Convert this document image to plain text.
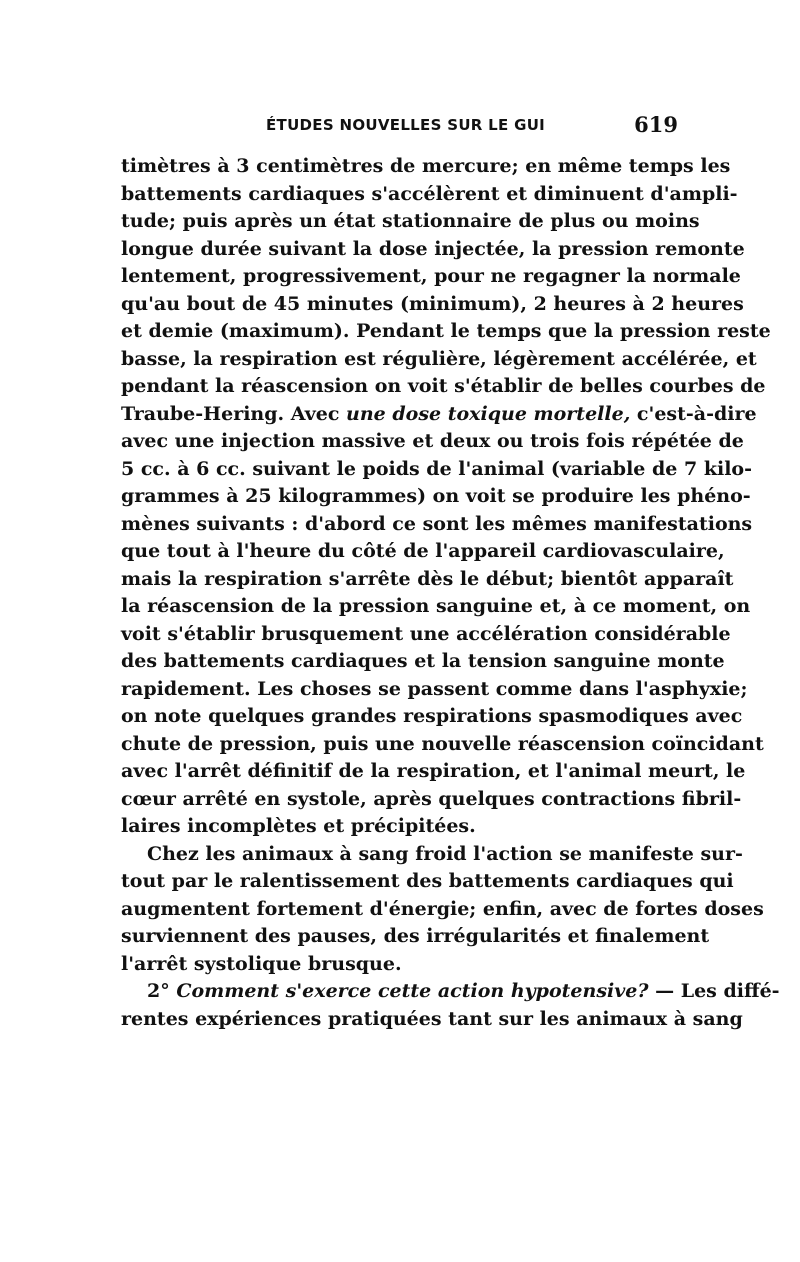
ÉTUDES NOUVELLES SUR LE GUI	619
timètres à 3 centimètres de mercure; en même temps les
battements cardiaques s'accélèrent et diminuent d'ampli-
tude; puis après un état stationnaire de plus ou moins
longue durée suivant la dose injectée, la pression remonte
lentement, progressivement, pour ne regagner la normale
qu'au bout de 45 minutes (minimum), 2 heures à 2 heures
et demie (maximum). Pendant le temps que la pression reste
basse, la respiration est régulière, légèrement accélérée, et
pendant la réascension on voit s'établir de belles courbes de
Traube-Hering. Avec une dose toxique mortelle, c'est-à-dire
avec une injection massive et deux ou trois fois répétée de
5 cc. à 6 cc. suivant le poids de l'animal (variable de 7 kilo-
grammes à 25 kilogrammes) on voit se produire les phéno-
mènes suivants : d'abord ce sont les mêmes manifestations
que tout à l'heure du côté de l'appareil cardiovasculaire,
mais la respiration s'arrête dès le début; bientôt apparaît
la réascension de la pression sanguine et, à ce moment, on
voit s'établir brusquement une accélération considérable
des battements cardiaques et la tension sanguine monte
rapidement. Les choses se passent comme dans l'asphyxie;
on note quelques grandes respirations spasmodiques avec
chute de pression, puis une nouvelle réascension coïncidant
avec l'arrêt définitif de la respiration, et l'animal meurt, le
cœur arrêté en systole, après quelques contractions fibril-
laires incomplètes et précipitées.
Chez les animaux à sang froid l'action se manifeste sur-
tout par le ralentissement des battements cardiaques qui
augmentent fortement d'énergie; enfin, avec de fortes doses
surviennent des pauses, des irrégularités et finalement
l'arrêt systolique brusque.
2° Comment s'exerce cette action hypotensive? — Les diffé-
rentes expériences pratiquées tant sur les animaux à sang
